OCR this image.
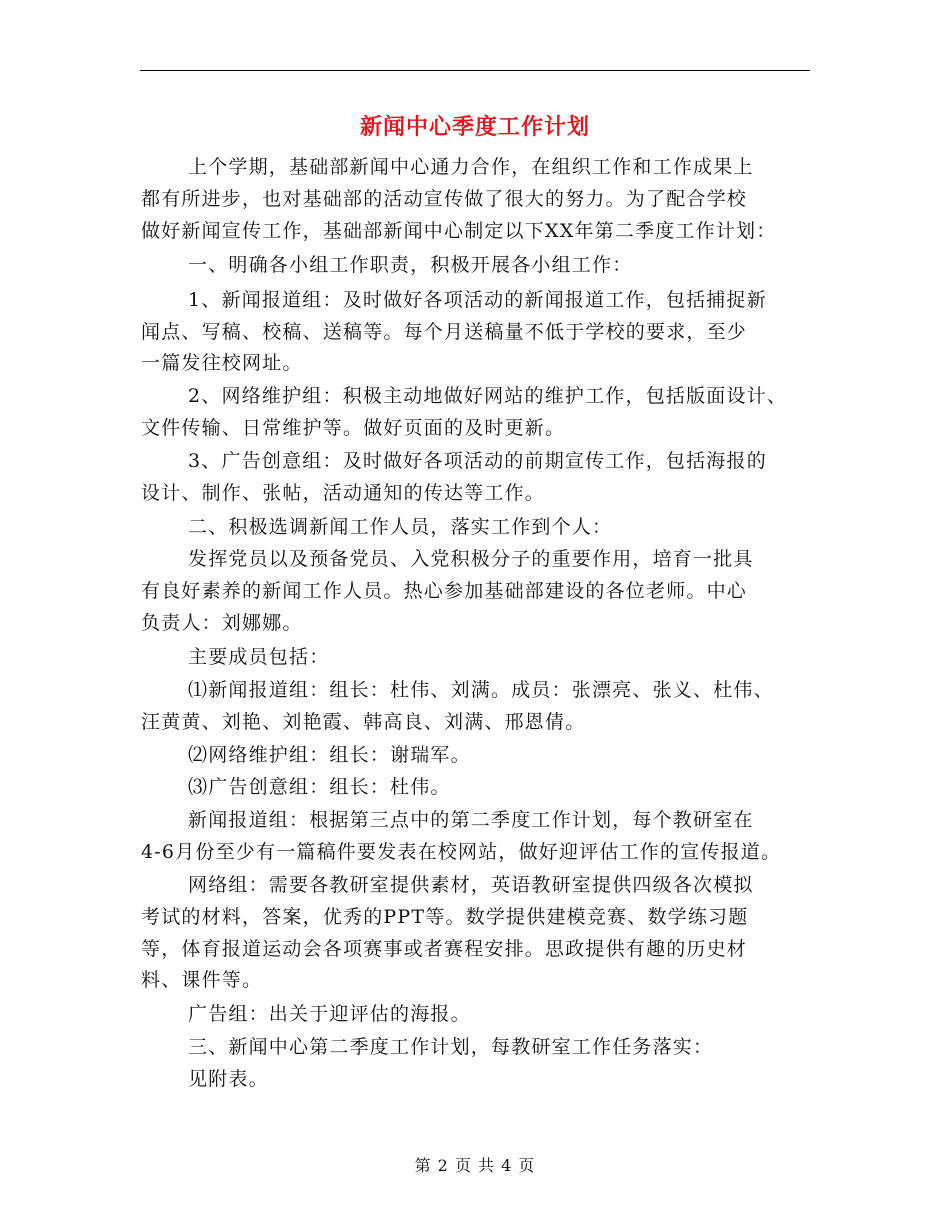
新闻中心季度工作计划
上个学期，基础部新闻中心通力合作，在组织工作和工作成果上
都有所进步，也对基础部的活动宣传做了很大的努力。为了配合学校
做好新闻宣传工作，基础部新闻中心制定以下XX年第二季度工作计划：
一、明确各小组工作职责，积极开展各小组工作：
1、新闻报道组：及时做好各项活动的新闻报道工作，包括捕捉新
闻点、写稿、校稿、送稿等。每个月送稿量不低于学校的要求，至少
一篇发往校网址。
2、网络维护组：积极主动地做好网站的维护工作，包括版面设计、
文件传输、日常维护等。做好页面的及时更新。
3、广告创意组：及时做好各项活动的前期宣传工作，包括海报的
设计、制作、张帖，活动通知的传达等工作。
二、积极选调新闻工作人员，落实工作到个人：
发挥党员以及预备党员、入党积极分子的重要作用，培育一批具
有良好素养的新闻工作人员。热心参加基础部建设的各位老师。中心
负责人：刘娜娜。
主要成员包括：
⑴新闻报道组：组长：杜伟、刘满。成员：张漂亮、张义、杜伟、
汪黄黄、刘艳、刘艳霞、韩高良、刘满、邢恩倩。
⑵网络维护组：组长：谢瑞军。
⑶广告创意组：组长：杜伟。
新闻报道组：根据第三点中的第二季度工作计划，每个教研室在
4-6月份至少有一篇稿件要发表在校网站，做好迎评估工作的宣传报道。
网络组：需要各教研室提供素材，英语教研室提供四级各次模拟
考试的材料，答案，优秀的PPT等。数学提供建模竞赛、数学练习题
等，体育报道运动会各项赛事或者赛程安排。思政提供有趣的历史材
料、课件等。
广告组：出关于迎评估的海报。
三、新闻中心第二季度工作计划，每教研室工作任务落实：
见附表。
第 2 页 共 4 页
